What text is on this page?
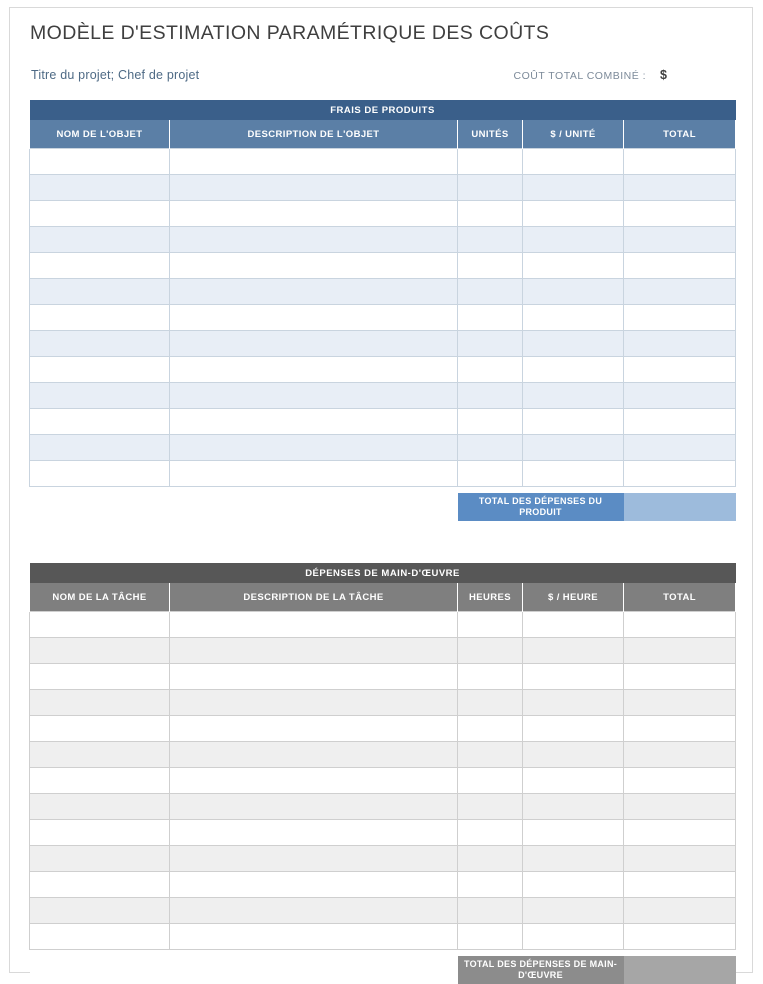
MODÈLE D'ESTIMATION PARAMÉTRIQUE DES COÛTS
Titre du projet; Chef de projet	COÛT TOTAL COMBINÉ : $
FRAIS DE PRODUITS				
NOM DE L'OBJET	DESCRIPTION DE L'OBJET	UNITÉS	$ / UNITÉ	TOTAL

		TOTAL DES DÉPENSES DU PRODUIT		
DÉPENSES DE MAIN-D'ŒUVRE				
NOM DE LA TÂCHE	DESCRIPTION DE LA TÂCHE	HEURES	$ / HEURE	TOTAL

		TOTAL DES DÉPENSES DE MAIN-D'ŒUVRE		
